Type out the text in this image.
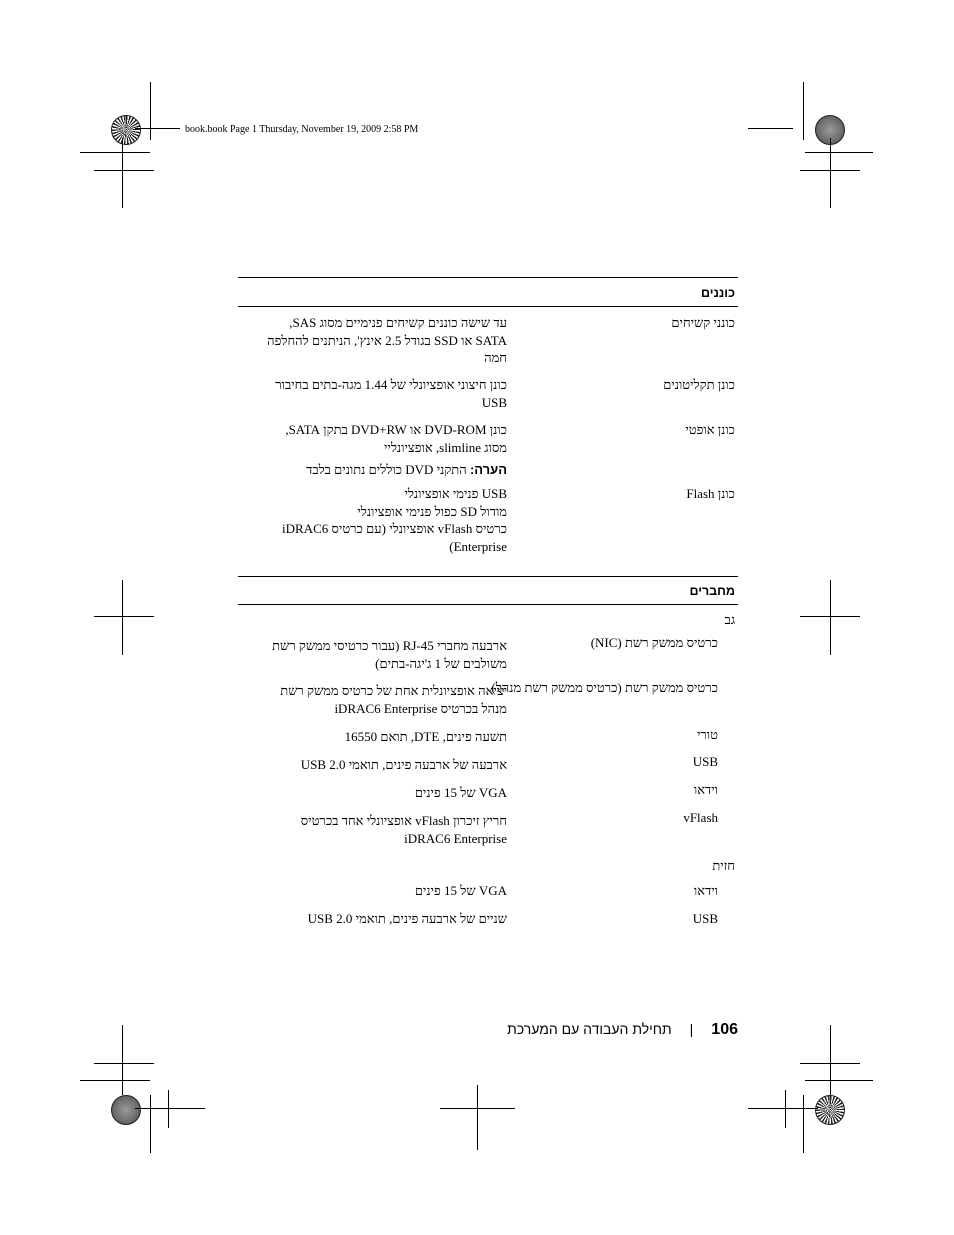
book.book Page 1 Thursday, November 19, 2009 2:58 PM
כוננים
כונני קשיחים
עד שישה כוננים קשיחים פנימיים מסוג SAS,
SATA או SSD בגודל 2.5 אינץ', הניתנים להחלפה
חמה
כונן תקליטונים
כונן חיצוני אופציונלי של 1.44 מגה-בתים בחיבור
USB
כונן אופטי
כונן DVD-ROM או DVD+RW בתקן SATA,
מסוג slimline, אופציונליי
הערה: התקני DVD כוללים נתונים בלבד
כונן Flash
USB פנימי אופציונלי
מודול SD כפול פנימי אופציונלי
כרטיס vFlash אופציונלי (עם כרטיס iDRAC6
Enterprise)
מחברים
גב
כרטיס ממשק רשת (NIC)
ארבעה מחברי RJ-45 (עבור כרטיסי ממשק רשת
משולבים של 1 ג'יגה-בתים)
כרטיס ממשק רשת (כרטיס ממשק רשת מנהל)
יציאה אופציונלית אחת של כרטיס ממשק רשת
מנהל בכרטיס iDRAC6 Enterprise
טורי
תשעה פינים, DTE, תואם 16550
USB
ארבעה של ארבעה פינים, תואמי USB 2.0
וידאו
VGA של 15 פינים
vFlash
חריץ זיכרון vFlash אופציונלי אחד בכרטיס
iDRAC6 Enterprise
חזית
וידאו
VGA של 15 פינים
USB
שניים של ארבעה פינים, תואמי USB 2.0
106|תחילת העבודה עם המערכת
